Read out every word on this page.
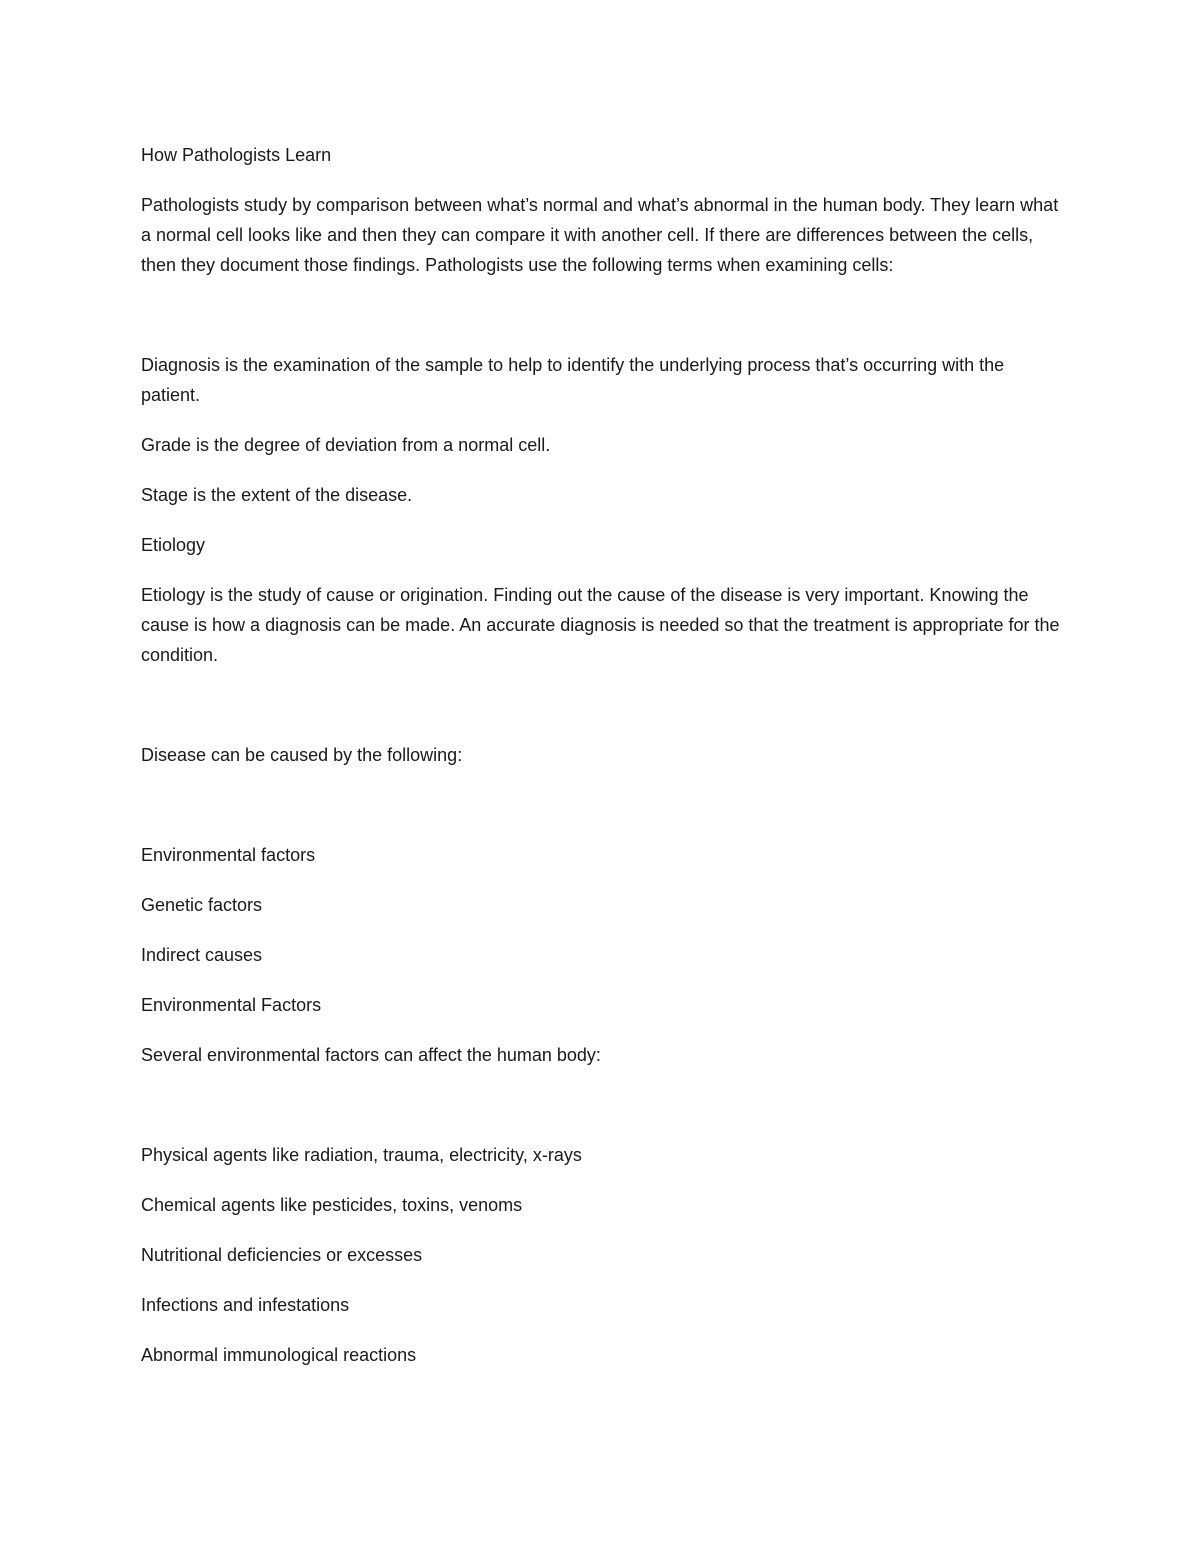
How Pathologists Learn

Pathologists study by comparison between what’s normal and what’s abnormal in the human body. They learn what a normal cell looks like and then they can compare it with another cell. If there are differences between the cells, then they document those findings. Pathologists use the following terms when examining cells:

Diagnosis is the examination of the sample to help to identify the underlying process that’s occurring with the patient.

Grade is the degree of deviation from a normal cell.

Stage is the extent of the disease.

Etiology

Etiology is the study of cause or origination. Finding out the cause of the disease is very important. Knowing the cause is how a diagnosis can be made. An accurate diagnosis is needed so that the treatment is appropriate for the condition.

Disease can be caused by the following:

Environmental factors

Genetic factors

Indirect causes

Environmental Factors

Several environmental factors can affect the human body:

Physical agents like radiation, trauma, electricity, x-rays

Chemical agents like pesticides, toxins, venoms

Nutritional deficiencies or excesses

Infections and infestations

Abnormal immunological reactions
